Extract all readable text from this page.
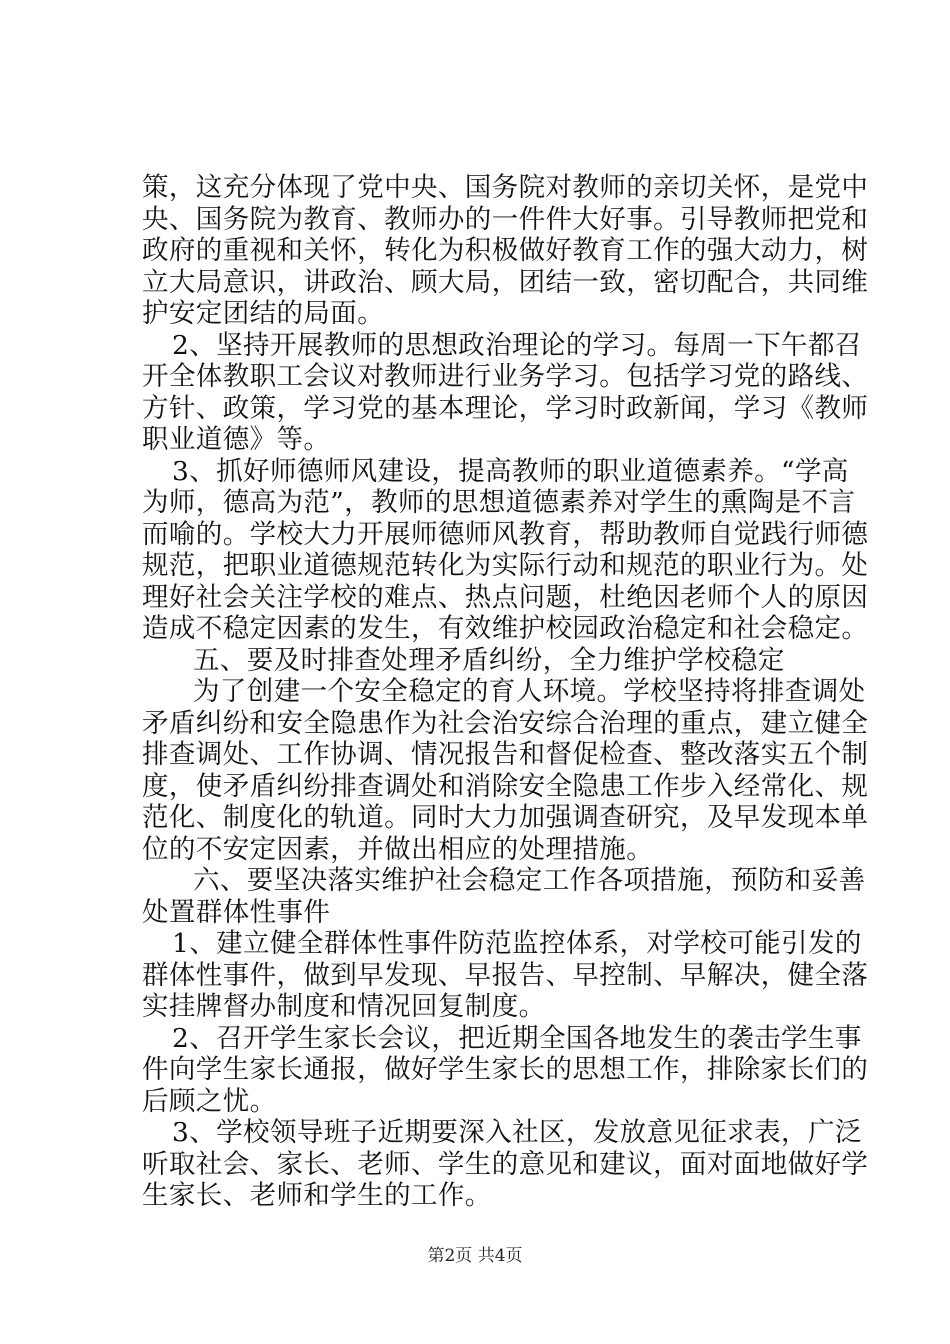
策，这充分体现了党中央、国务院对教师的亲切关怀，是党中
央、国务院为教育、教师办的一件件大好事。引导教师把党和
政府的重视和关怀，转化为积极做好教育工作的强大动力，树
立大局意识，讲政治、顾大局，团结一致，密切配合，共同维
护安定团结的局面。
2、坚持开展教师的思想政治理论的学习。每周一下午都召
开全体教职工会议对教师进行业务学习。包括学习党的路线、
方针、政策，学习党的基本理论，学习时政新闻，学习《教师
职业道德》等。
3、抓好师德师风建设，提高教师的职业道德素养。“学高
为师，德高为范”，教师的思想道德素养对学生的熏陶是不言
而喻的。学校大力开展师德师风教育，帮助教师自觉践行师德
规范，把职业道德规范转化为实际行动和规范的职业行为。处
理好社会关注学校的难点、热点问题，杜绝因老师个人的原因
造成不稳定因素的发生，有效维护校园政治稳定和社会稳定。
五、要及时排查处理矛盾纠纷，全力维护学校稳定
为了创建一个安全稳定的育人环境。学校坚持将排查调处
矛盾纠纷和安全隐患作为社会治安综合治理的重点，建立健全
排查调处、工作协调、情况报告和督促检查、整改落实五个制
度，使矛盾纠纷排查调处和消除安全隐患工作步入经常化、规
范化、制度化的轨道。同时大力加强调查研究，及早发现本单
位的不安定因素，并做出相应的处理措施。
六、要坚决落实维护社会稳定工作各项措施，预防和妥善
处置群体性事件
1、建立健全群体性事件防范监控体系，对学校可能引发的
群体性事件，做到早发现、早报告、早控制、早解决，健全落
实挂牌督办制度和情况回复制度。
2、召开学生家长会议，把近期全国各地发生的袭击学生事
件向学生家长通报，做好学生家长的思想工作，排除家长们的
后顾之忧。
3、学校领导班子近期要深入社区，发放意见征求表，广泛
听取社会、家长、老师、学生的意见和建议，面对面地做好学
生家长、老师和学生的工作。
第2页 共4页
